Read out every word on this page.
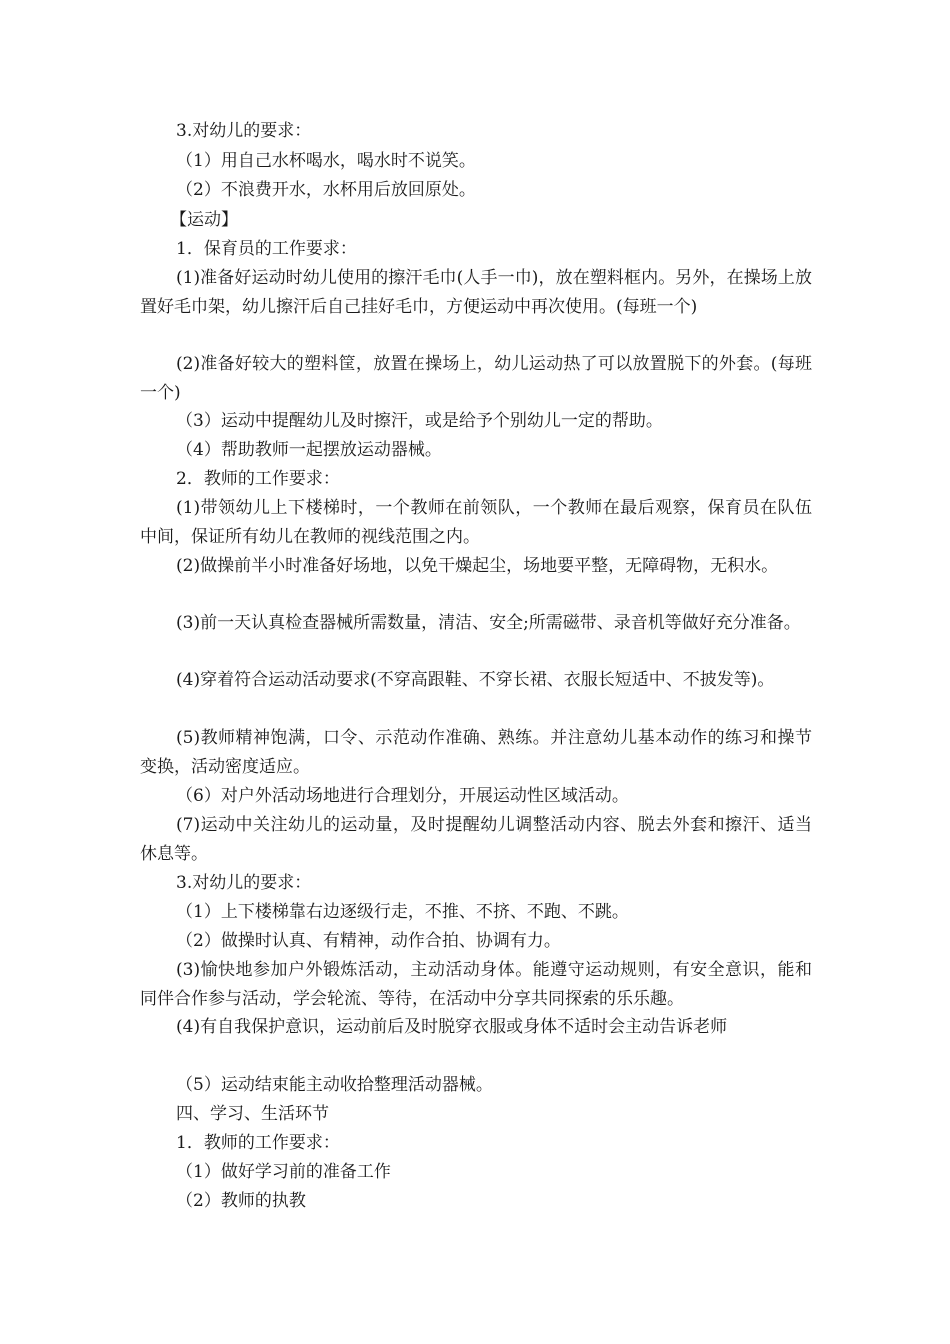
3.对幼儿的要求：
（1）用自己水杯喝水，喝水时不说笑。
（2）不浪费开水，水杯用后放回原处。
【运动】
1．保育员的工作要求：
(1)准备好运动时幼儿使用的擦汗毛巾(人手一巾)，放在塑料框内。另外，在操场上放置好毛巾架，幼儿擦汗后自己挂好毛巾，方便运动中再次使用。(每班一个)
(2)准备好较大的塑料筐，放置在操场上，幼儿运动热了可以放置脱下的外套。(每班一个)
（3）运动中提醒幼儿及时擦汗，或是给予个别幼儿一定的帮助。
（4）帮助教师一起摆放运动器械。
2．教师的工作要求：
(1)带领幼儿上下楼梯时，一个教师在前领队，一个教师在最后观察，保育员在队伍中间，保证所有幼儿在教师的视线范围之内。
(2)做操前半小时准备好场地，以免干燥起尘，场地要平整，无障碍物，无积水。
(3)前一天认真检查器械所需数量，清洁、安全;所需磁带、录音机等做好充分准备。
(4)穿着符合运动活动要求(不穿高跟鞋、不穿长裙、衣服长短适中、不披发等)。
(5)教师精神饱满，口令、示范动作准确、熟练。并注意幼儿基本动作的练习和操节变换，活动密度适应。
（6）对户外活动场地进行合理划分，开展运动性区域活动。
(7)运动中关注幼儿的运动量，及时提醒幼儿调整活动内容、脱去外套和擦汗、适当休息等。
3.对幼儿的要求：
（1）上下楼梯靠右边逐级行走，不推、不挤、不跑、不跳。
（2）做操时认真、有精神，动作合拍、协调有力。
(3)愉快地参加户外锻炼活动，主动活动身体。能遵守运动规则，有安全意识，能和同伴合作参与活动，学会轮流、等待，在活动中分享共同探索的乐乐趣。
(4)有自我保护意识，运动前后及时脱穿衣服或身体不适时会主动告诉老师
（5）运动结束能主动收拾整理活动器械。
四、学习、生活环节
1．教师的工作要求：
（1）做好学习前的准备工作
（2）教师的执教
